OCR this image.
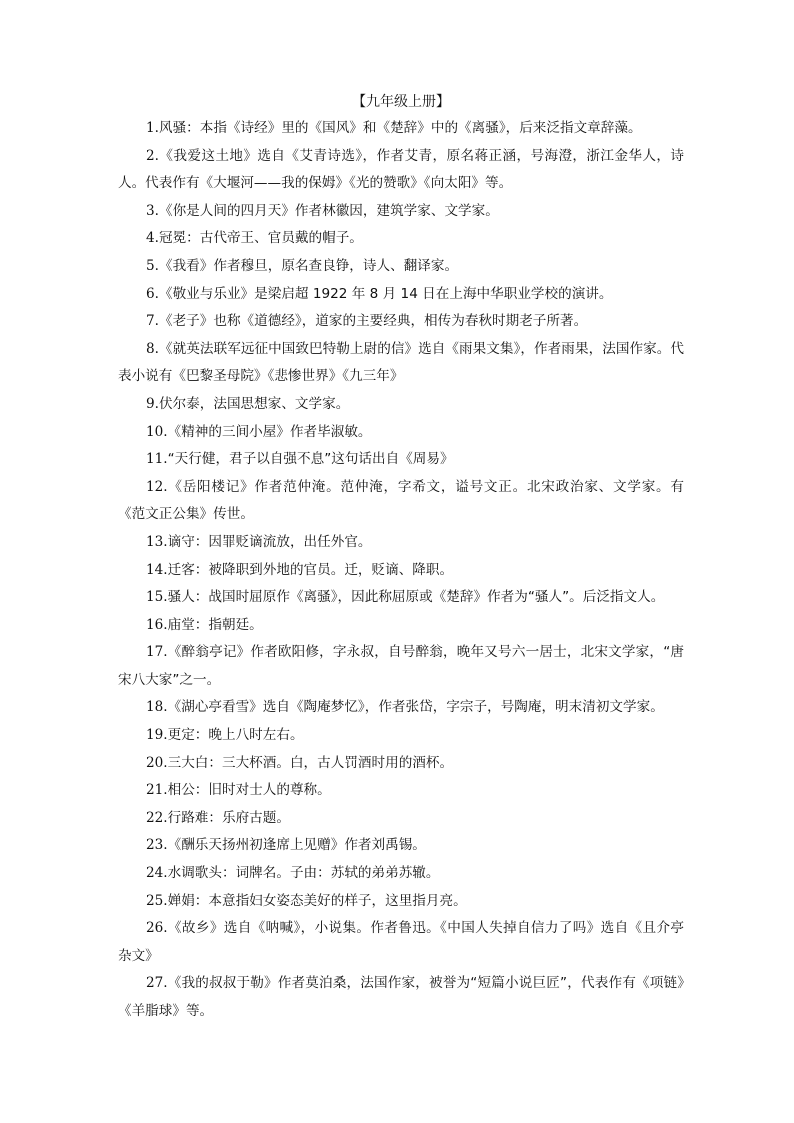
【九年级上册】

1.风骚：本指《诗经》里的《国风》和《楚辞》中的《离骚》，后来泛指文章辞藻。

2.《我爱这土地》选自《艾青诗选》，作者艾青，原名蒋正涵，号海澄，浙江金华人，诗人。代表作有《大堰河——我的保姆》《光的赞歌》《向太阳》等。

3.《你是人间的四月天》作者林徽因，建筑学家、文学家。

4.冠冕：古代帝王、官员戴的帽子。

5.《我看》作者穆旦，原名查良铮，诗人、翻译家。

6.《敬业与乐业》是梁启超 1922 年 8 月 14 日在上海中华职业学校的演讲。

7.《老子》也称《道德经》，道家的主要经典，相传为春秋时期老子所著。

8.《就英法联军远征中国致巴特勒上尉的信》选自《雨果文集》，作者雨果，法国作家。代表小说有《巴黎圣母院》《悲惨世界》《九三年》

9.伏尔泰，法国思想家、文学家。

10.《精神的三间小屋》作者毕淑敏。

11.“天行健，君子以自强不息”这句话出自《周易》

12.《岳阳楼记》作者范仲淹。范仲淹，字希文，谥号文正。北宋政治家、文学家。有《范文正公集》传世。

13.谪守：因罪贬谪流放，出任外官。

14.迁客：被降职到外地的官员。迁，贬谪、降职。

15.骚人：战国时屈原作《离骚》，因此称屈原或《楚辞》作者为“骚人”。后泛指文人。

16.庙堂：指朝廷。

17.《醉翁亭记》作者欧阳修，字永叔，自号醉翁，晚年又号六一居士，北宋文学家，“唐宋八大家”之一。

18.《湖心亭看雪》选自《陶庵梦忆》，作者张岱，字宗子，号陶庵，明末清初文学家。

19.更定：晚上八时左右。

20.三大白：三大杯酒。白，古人罚酒时用的酒杯。

21.相公：旧时对士人的尊称。

22.行路难：乐府古题。

23.《酬乐天扬州初逢席上见赠》作者刘禹锡。

24.水调歌头：词牌名。子由：苏轼的弟弟苏辙。

25.婵娟：本意指妇女姿态美好的样子，这里指月亮。

26.《故乡》选自《呐喊》，小说集。作者鲁迅。《中国人失掉自信力了吗》选自《且介亭杂文》

27.《我的叔叔于勒》作者莫泊桑，法国作家，被誉为“短篇小说巨匠”，代表作有《项链》《羊脂球》等。
